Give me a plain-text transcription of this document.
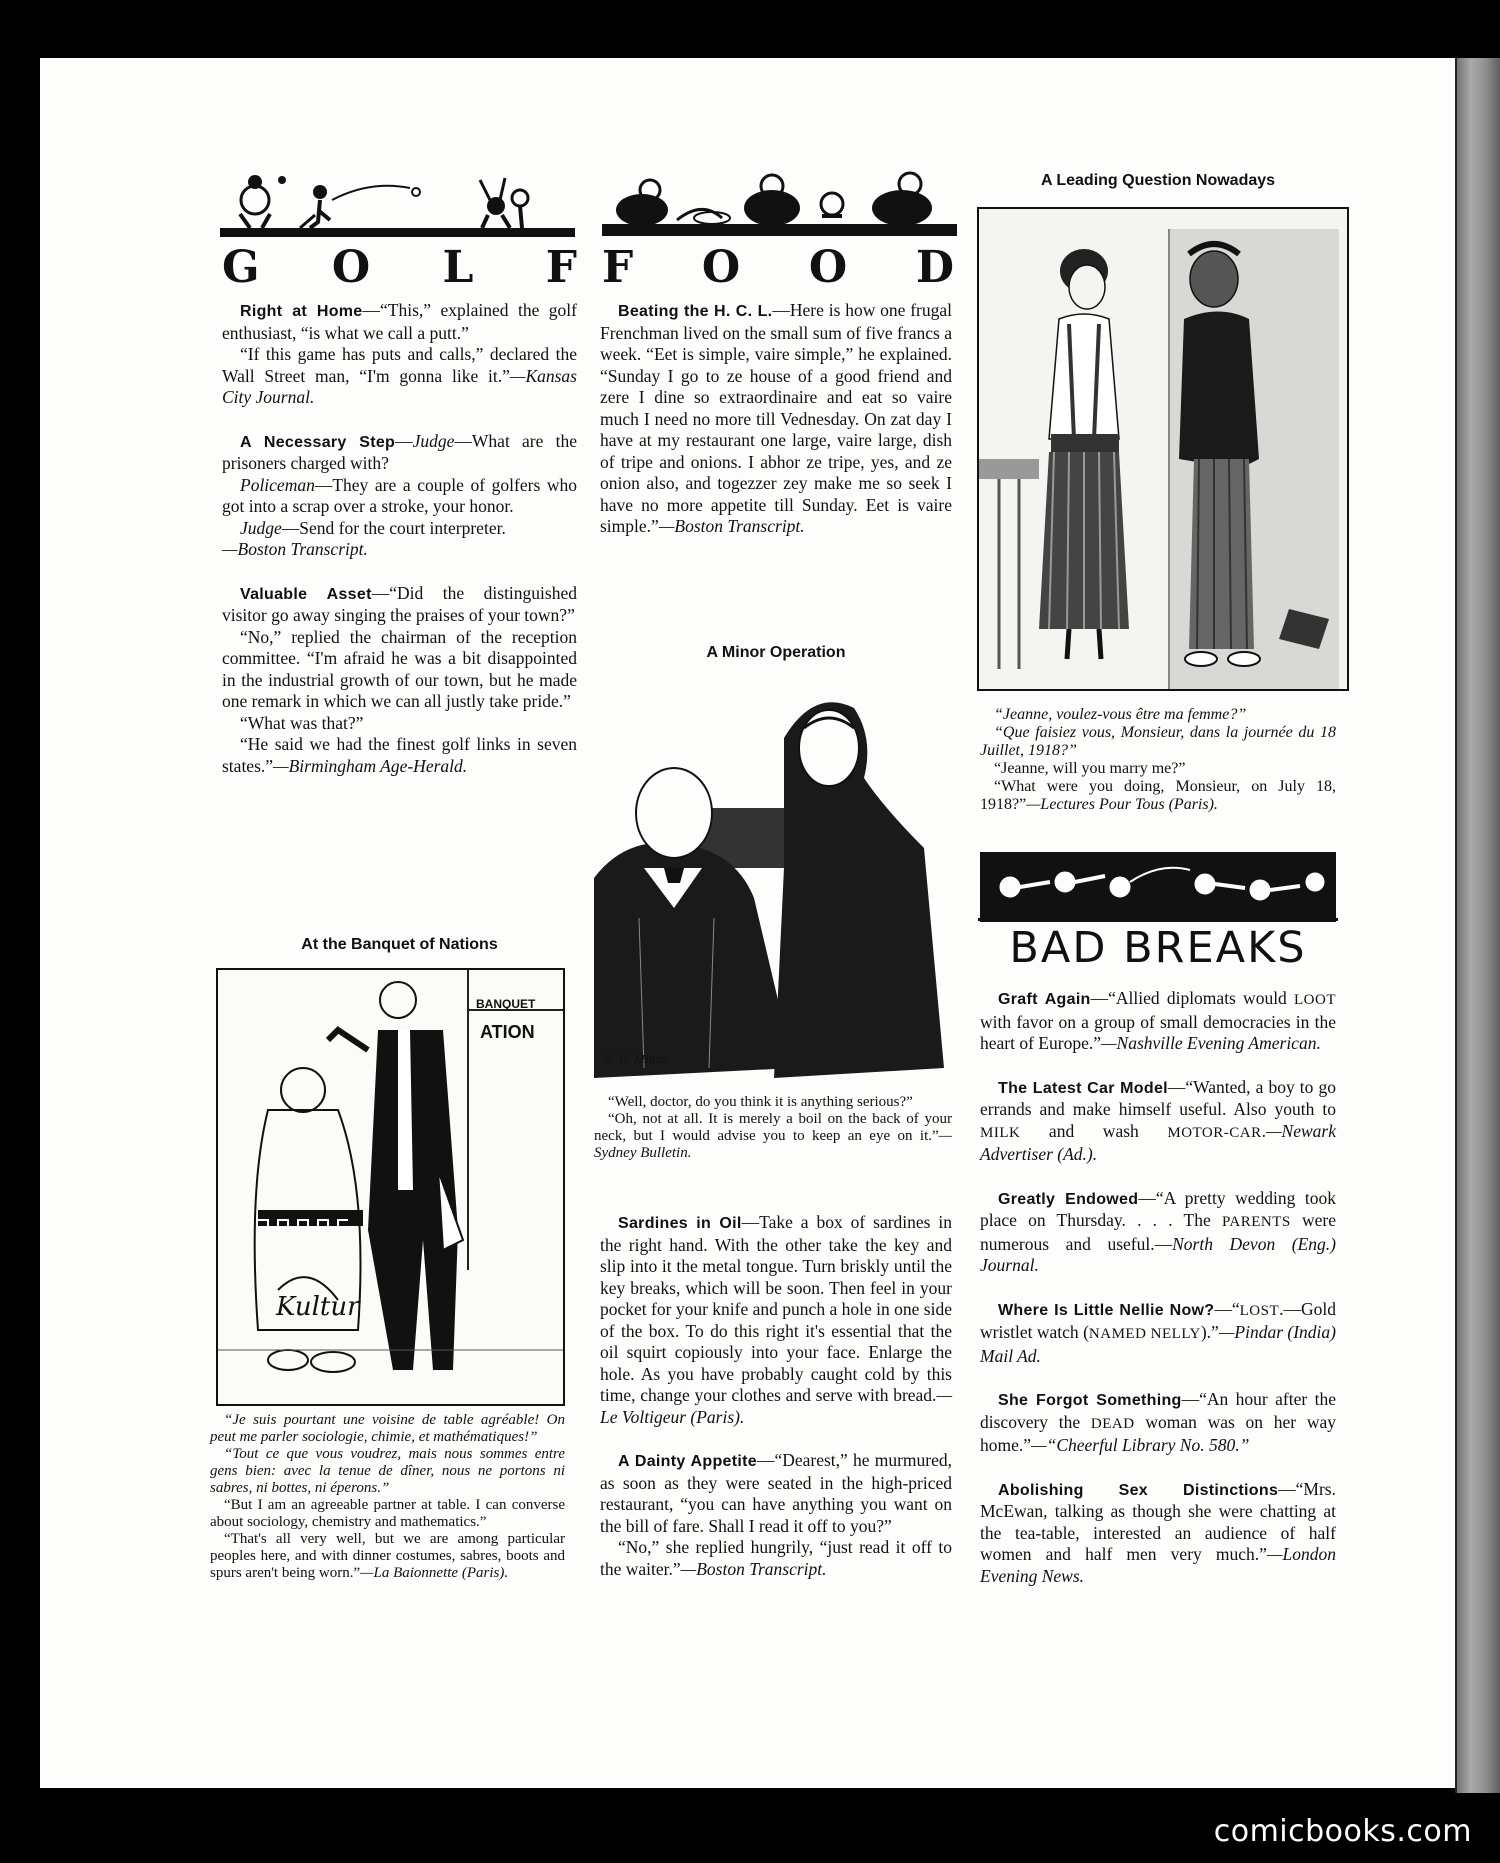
G O L F F O O D

Right at Home—“This,” explained the golf enthusiast, “is what we call a putt.”

“If this game has puts and calls,” declared the Wall Street man, “I'm gonna like it.”—Kansas City Journal.

A Necessary Step—Judge—What are the prisoners charged with?

Policeman—They are a couple of golfers who got into a scrap over a stroke, your honor.

Judge—Send for the court interpreter.

—Boston Transcript.

Valuable Asset—“Did the distinguished visitor go away singing the praises of your town?”

“No,” replied the chairman of the reception committee. “I'm afraid he was a bit disappointed in the industrial growth of our town, but he made one remark in which we can all justly take pride.”

“What was that?”

“He said we had the finest golf links in seven states.”—Birmingham Age-Herald.

At the Banquet of Nations
BANQUET
ATION
Kultur

“Je suis pourtant une voisine de table agréable! On peut me parler sociologie, chimie, et mathématiques!”

“Tout ce que vous voudrez, mais nous sommes entre gens bien: avec la tenue de dîner, nous ne portons ni sabres, ni bottes, ni éperons.”

“But I am an agreeable partner at table. I can converse about sociology, chemistry and mathematics.”

“That's all very well, but we are among particular peoples here, and with dinner costumes, sabres, boots and spurs aren't being worn.”—La Baionnette (Paris).

Beating the H. C. L.—Here is how one frugal Frenchman lived on the small sum of five francs a week. “Eet is simple, vaire simple,” he explained. “Sunday I go to ze house of a good friend and zere I dine so extraordinaire and eat so vaire much I need no more till Vednesday. On zat day I have at my restaurant one large, vaire large, dish of tripe and onions. I abhor ze tripe, yes, and ze onion also, and togezzer zey make me so seek I have no more appetite till Sunday. Eet is vaire simple.”—Boston Transcript.

A Minor Operation
B. E. Minns

“Well, doctor, do you think it is anything serious?”

“Oh, not at all. It is merely a boil on the back of your neck, but I would advise you to keep an eye on it.”—Sydney Bulletin.

Sardines in Oil—Take a box of sardines in the right hand. With the other take the key and slip into it the metal tongue. Turn briskly until the key breaks, which will be soon. Then feel in your pocket for your knife and punch a hole in one side of the box. To do this right it's essential that the oil squirt copiously into your face. Enlarge the hole. As you have probably caught cold by this time, change your clothes and serve with bread.—Le Voltigeur (Paris).

A Dainty Appetite—“Dearest,” he murmured, as soon as they were seated in the high-priced restaurant, “you can have anything you want on the bill of fare. Shall I read it off to you?”

“No,” she replied hungrily, “just read it off to the waiter.”—Boston Transcript.

A Leading Question Nowadays

“Jeanne, voulez-vous être ma femme?”

“Que faisiez vous, Monsieur, dans la journée du 18 Juillet, 1918?”

“Jeanne, will you marry me?”

“What were you doing, Monsieur, on July 18, 1918?”—Lectures Pour Tous (Paris).

BAD BREAKS

Graft Again—“Allied diplomats would LOOT with favor on a group of small democracies in the heart of Europe.”—Nashville Evening American.

The Latest Car Model—“Wanted, a boy to go errands and make himself useful. Also youth to MILK and wash MOTOR-CAR.—Newark Advertiser (Ad.).

Greatly Endowed—“A pretty wedding took place on Thursday. . . . The PARENTS were numerous and useful.—North Devon (Eng.) Journal.

Where Is Little Nellie Now?—“LOST.—Gold wristlet watch (NAMED NELLY).”—Pindar (India) Mail Ad.

She Forgot Something—“An hour after the discovery the DEAD woman was on her way home.”—“Cheerful Library No. 580.”

Abolishing Sex Distinctions—“Mrs. McEwan, talking as though she were chatting at the tea-table, interested an audience of half women and half men very much.”—London Evening News.

comicbooks.com
